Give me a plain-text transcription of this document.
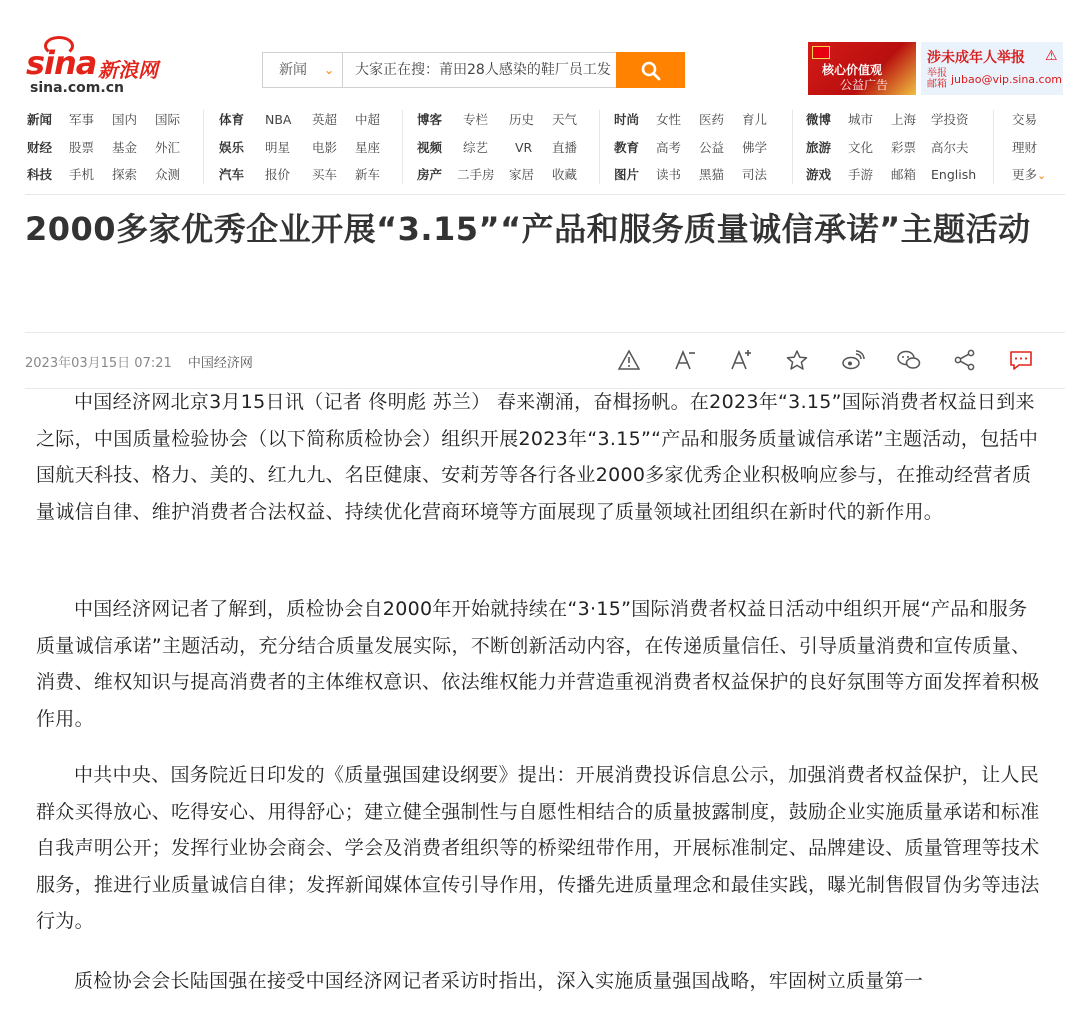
sina 新浪网
sina.com.cn
新闻 ⌄ 大家正在搜：莆田28人感染的鞋厂员工发	核心价值观
公益广告
涉未成年人举报 ⚠
举报邮箱 jubao@vip.sina.com
新闻 军事 国内 国际
财经 股票 基金 外汇
科技 手机 探索 众测
体育 NBA 英超 中超
娱乐 明星 电影 星座
汽车 报价 买车 新车
博客 专栏 历史 天气
视频 综艺 VR 直播
房产 二手房 家居 收藏
时尚 女性 医药 育儿
教育 高考 公益 佛学
图片 读书 黑猫 司法
微博 城市 上海 学投资
旅游 文化 彩票 高尔夫
游戏 手游 邮箱 English
交易
理财
更多⌄
2000多家优秀企业开展“3.15”“产品和服务质量诚信承诺”主题活动
2023年03月15日 07:21 中国经济网

中国经济网北京3月15日讯（记者 佟明彪 苏兰） 春来潮涌，奋楫扬帆。在2023年“3.15”国际消费者权益日到来之际，中国质量检验协会（以下简称质检协会）组织开展2023年“3.15”“产品和服务质量诚信承诺”主题活动，包括中国航天科技、格力、美的、红九九、名臣健康、安莉芳等各行各业2000多家优秀企业积极响应参与，在推动经营者质量诚信自律、维护消费者合法权益、持续优化营商环境等方面展现了质量领域社团组织在新时代的新作用。

中国经济网记者了解到，质检协会自2000年开始就持续在“3·15”国际消费者权益日活动中组织开展“产品和服务质量诚信承诺”主题活动，充分结合质量发展实际，不断创新活动内容，在传递质量信任、引导质量消费和宣传质量、消费、维权知识与提高消费者的主体维权意识、依法维权能力并营造重视消费者权益保护的良好氛围等方面发挥着积极作用。

中共中央、国务院近日印发的《质量强国建设纲要》提出：开展消费投诉信息公示，加强消费者权益保护，让人民群众买得放心、吃得安心、用得舒心；建立健全强制性与自愿性相结合的质量披露制度，鼓励企业实施质量承诺和标准自我声明公开；发挥行业协会商会、学会及消费者组织等的桥梁纽带作用，开展标准制定、品牌建设、质量管理等技术服务，推进行业质量诚信自律；发挥新闻媒体宣传引导作用，传播先进质量理念和最佳实践，曝光制售假冒伪劣等违法行为。

质检协会会长陆国强在接受中国经济网记者采访时指出，深入实施质量强国战略，牢固树立质量第一
